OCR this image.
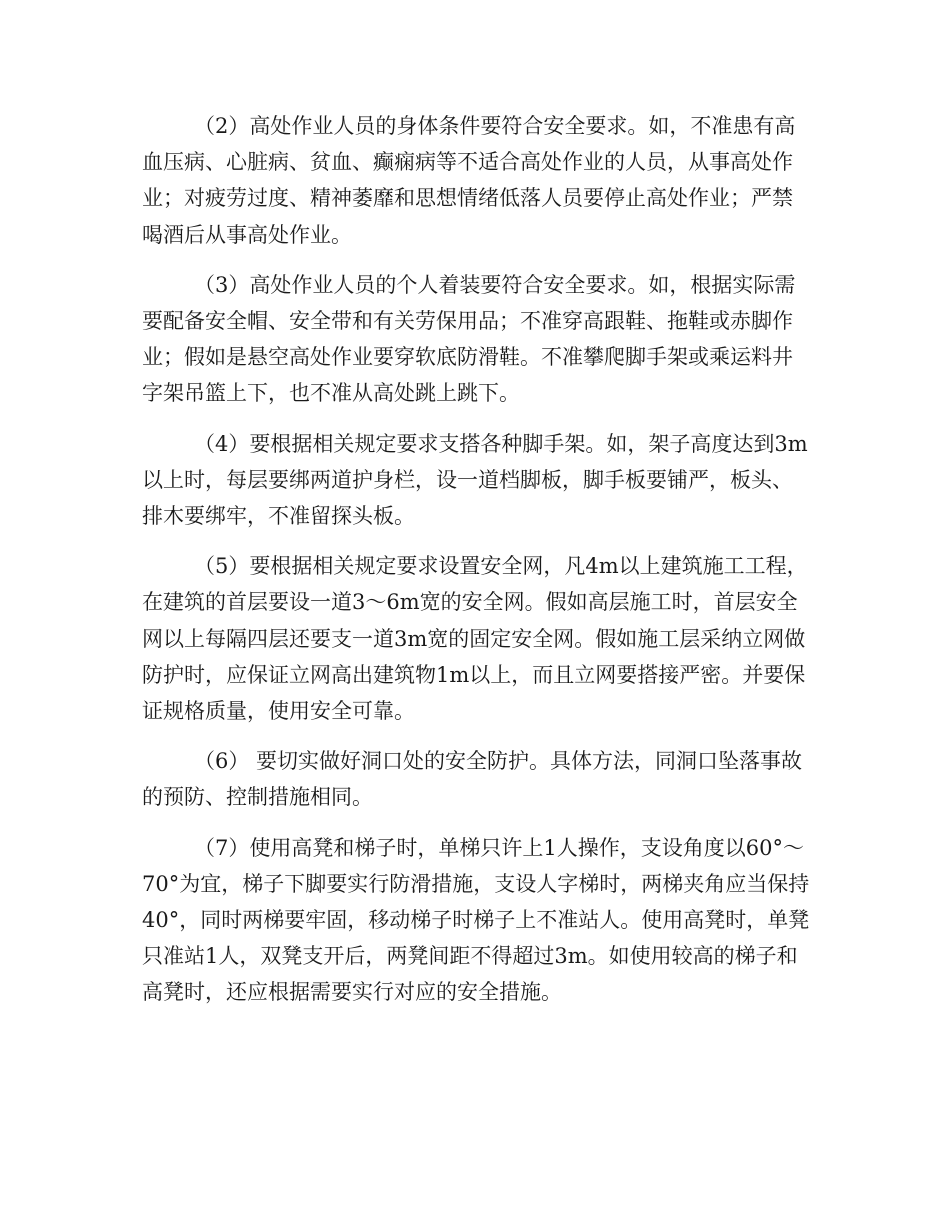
（2）高处作业人员的身体条件要符合安全要求。如，不准患有高血压病、心脏病、贫血、癫痫病等不适合高处作业的人员，从事高处作业；对疲劳过度、精神萎靡和思想情绪低落人员要停止高处作业；严禁喝酒后从事高处作业。

（3）高处作业人员的个人着装要符合安全要求。如，根据实际需要配备安全帽、安全带和有关劳保用品；不准穿高跟鞋、拖鞋或赤脚作业；假如是悬空高处作业要穿软底防滑鞋。不准攀爬脚手架或乘运料井字架吊篮上下，也不准从高处跳上跳下。

（4）要根据相关规定要求支搭各种脚手架。如，架子高度达到3m以上时，每层要绑两道护身栏，设一道档脚板，脚手板要铺严，板头、排木要绑牢，不准留探头板。

（5）要根据相关规定要求设置安全网，凡4m以上建筑施工工程，在建筑的首层要设一道3～6m宽的安全网。假如高层施工时，首层安全网以上每隔四层还要支一道3m宽的固定安全网。假如施工层采纳立网做防护时，应保证立网高出建筑物1m以上，而且立网要搭接严密。并要保证规格质量，使用安全可靠。

（6） 要切实做好洞口处的安全防护。具体方法，同洞口坠落事故的预防、控制措施相同。

（7）使用高凳和梯子时，单梯只许上1人操作，支设角度以60°～70°为宜，梯子下脚要实行防滑措施，支设人字梯时，两梯夹角应当保持40°，同时两梯要牢固，移动梯子时梯子上不准站人。使用高凳时，单凳只准站1人，双凳支开后，两凳间距不得超过3m。如使用较高的梯子和高凳时，还应根据需要实行对应的安全措施。
